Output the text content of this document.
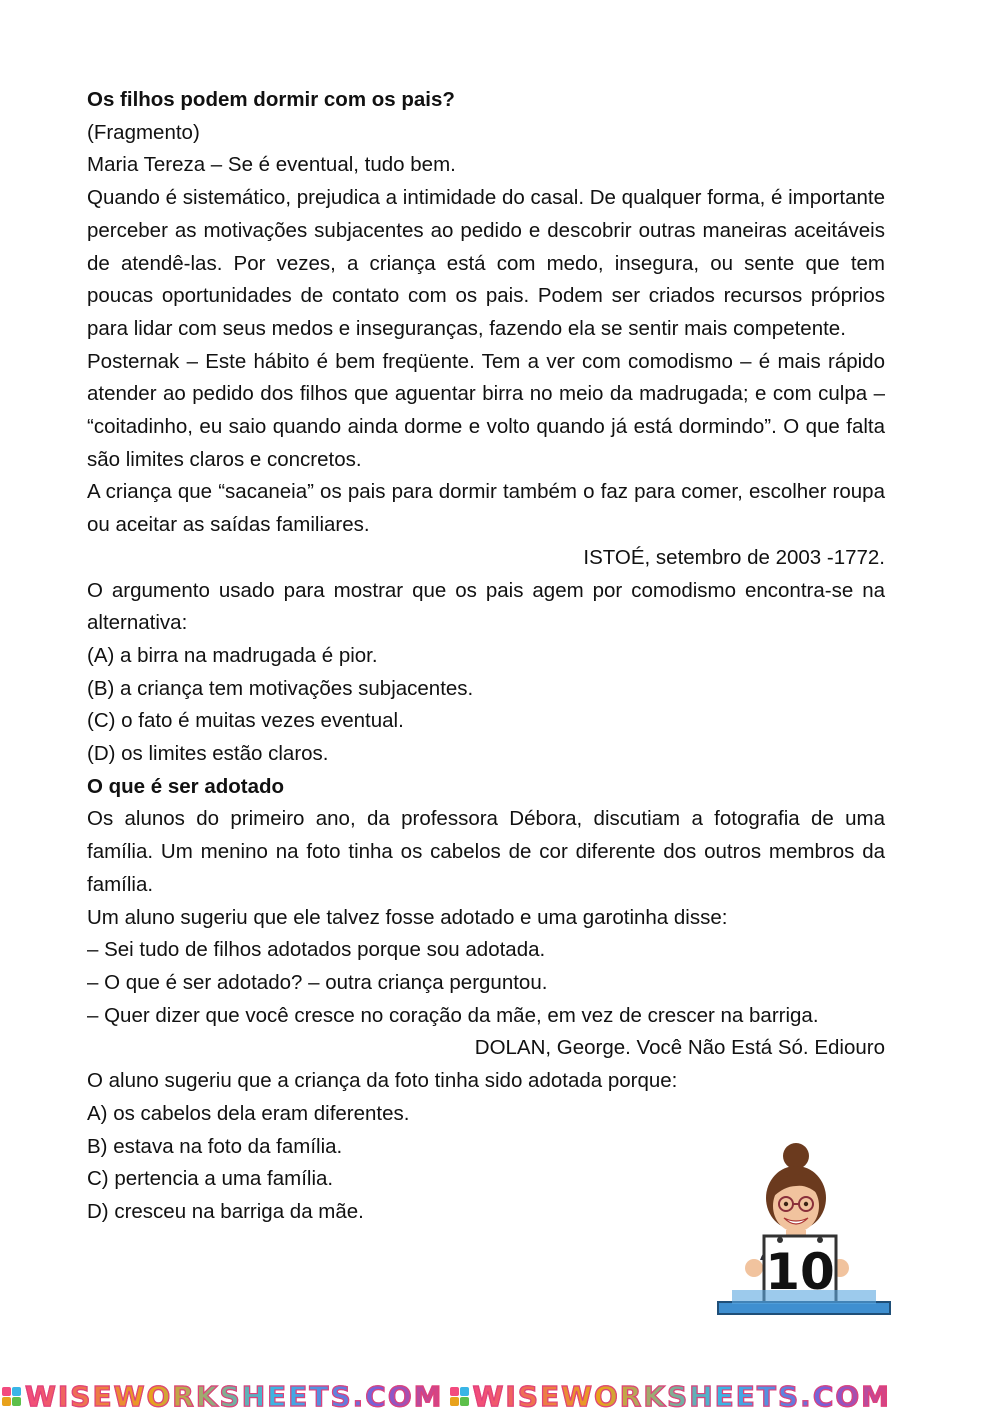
Os filhos podem dormir com os pais?

(Fragmento)

Maria Tereza – Se é eventual, tudo bem.

Quando é sistemático, prejudica a intimidade do casal. De qualquer forma, é importante perceber as motivações subjacentes ao pedido e descobrir outras maneiras aceitáveis de atendê-las. Por vezes, a criança está com medo, insegura, ou sente que tem poucas oportunidades de contato com os pais. Podem ser criados recursos próprios para lidar com seus medos e inseguranças, fazendo ela se sentir mais competente.

Posternak – Este hábito é bem freqüente. Tem a ver com comodismo – é mais rápido atender ao pedido dos filhos que aguentar birra no meio da madrugada; e com culpa – “coitadinho, eu saio quando ainda dorme e volto quando já está dormindo”. O que falta são limites claros e concretos.

A criança que “sacaneia” os pais para dormir também o faz para comer, escolher roupa ou aceitar as saídas familiares.

ISTOÉ, setembro de 2003 -1772.

O argumento usado para mostrar que os pais agem por comodismo encontra-se na alternativa:

(A) a birra na madrugada é pior.

(B) a criança tem motivações subjacentes.

(C) o fato é muitas vezes eventual.

(D) os limites estão claros.

O que é ser adotado

Os alunos do primeiro ano, da professora Débora, discutiam a fotografia de uma família. Um menino na foto tinha os cabelos de cor diferente dos outros membros da família.

Um aluno sugeriu que ele talvez fosse adotado e uma garotinha disse:

– Sei tudo de filhos adotados porque sou adotada.

– O que é ser adotado? – outra criança perguntou.

– Quer dizer que você cresce no coração da mãe, em vez de crescer na barriga.

DOLAN, George. Você Não Está Só. Ediouro

O aluno sugeriu que a criança da foto tinha sido adotada porque:

A) os cabelos dela eram diferentes.

B) estava na foto da família.

C) pertencia a uma família.

D) cresceu na barriga da mãe.

10
WISEWORKSHEETS.COM WISEWORKSHEETS.COM
